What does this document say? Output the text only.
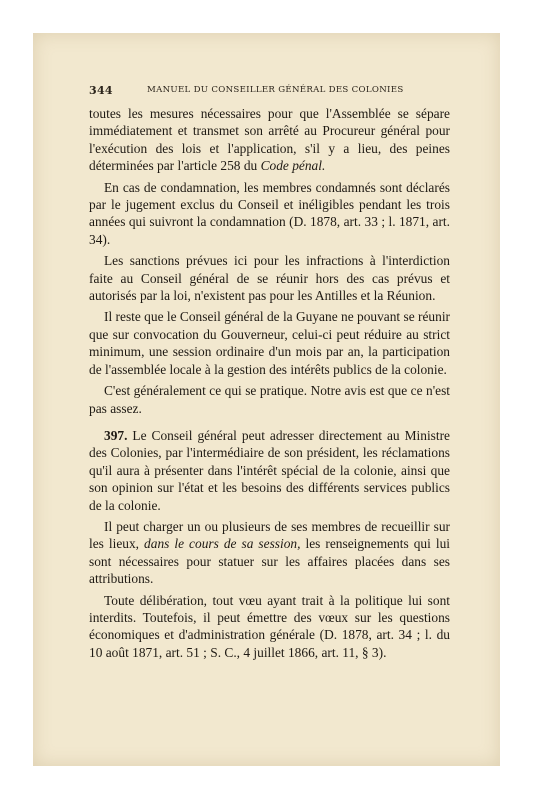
344	MANUEL DU CONSEILLER GÉNÉRAL DES COLONIES

toutes les mesures nécessaires pour que l'Assemblée se sépare immédiatement et transmet son arrêté au Procureur général pour l'exécution des lois et l'application, s'il y a lieu, des peines déterminées par l'article 258 du Code pénal.

En cas de condamnation, les membres condamnés sont déclarés par le jugement exclus du Conseil et inéligibles pendant les trois années qui suivront la condamnation (D. 1878, art. 33 ; l. 1871, art. 34).

Les sanctions prévues ici pour les infractions à l'interdiction faite au Conseil général de se réunir hors des cas prévus et autorisés par la loi, n'existent pas pour les Antilles et la Réunion.

Il reste que le Conseil général de la Guyane ne pouvant se réunir que sur convocation du Gouverneur, celui-ci peut réduire au strict minimum, une session ordinaire d'un mois par an, la participation de l'assemblée locale à la gestion des intérêts publics de la colonie.

C'est généralement ce qui se pratique. Notre avis est que ce n'est pas assez.

397. Le Conseil général peut adresser directement au Ministre des Colonies, par l'intermédiaire de son président, les réclamations qu'il aura à présenter dans l'intérêt spécial de la colonie, ainsi que son opinion sur l'état et les besoins des différents services publics de la colonie.

Il peut charger un ou plusieurs de ses membres de recueillir sur les lieux, dans le cours de sa session, les renseignements qui lui sont nécessaires pour statuer sur les affaires placées dans ses attributions.

Toute délibération, tout vœu ayant trait à la politique lui sont interdits. Toutefois, il peut émettre des vœux sur les questions économiques et d'administration générale (D. 1878, art. 34 ; l. du 10 août 1871, art. 51 ; S. C., 4 juillet 1866, art. 11, § 3).
